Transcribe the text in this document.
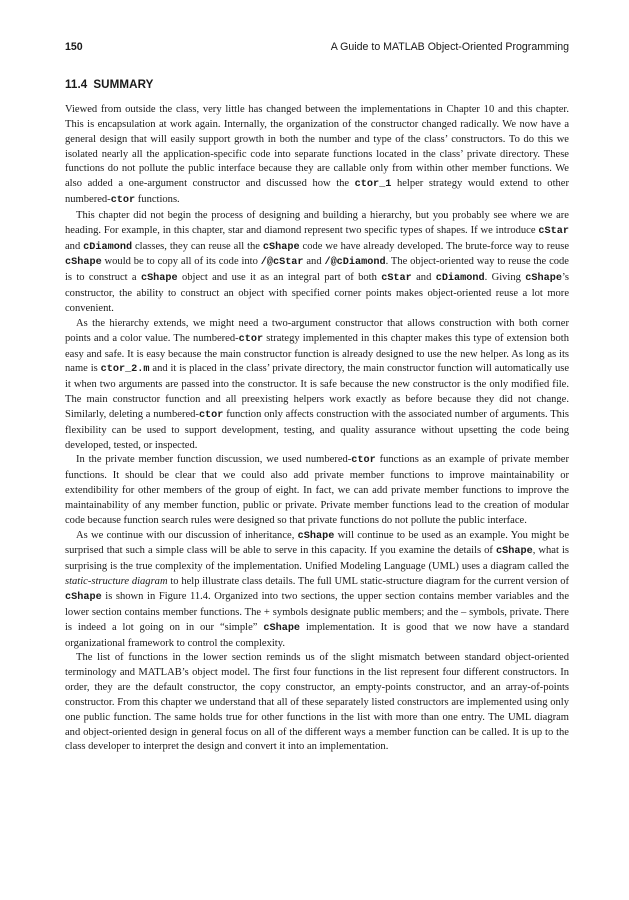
150	A Guide to MATLAB Object-Oriented Programming
11.4 SUMMARY

Viewed from outside the class, very little has changed between the implementations in Chapter 10 and this chapter. This is encapsulation at work again. Internally, the organization of the constructor changed radically. We now have a general design that will easily support growth in both the number and type of the class’ constructors. To do this we isolated nearly all the application-specific code into separate functions located in the class’ private directory. These functions do not pollute the public interface because they are callable only from within other member functions. We also added a one-argument constructor and discussed how the ctor_1 helper strategy would extend to other numbered-ctor functions.

This chapter did not begin the process of designing and building a hierarchy, but you probably see where we are heading. For example, in this chapter, star and diamond represent two specific types of shapes. If we introduce cStar and cDiamond classes, they can reuse all the cShape code we have already developed. The brute-force way to reuse cShape would be to copy all of its code into /@cStar and /@cDiamond. The object-oriented way to reuse the code is to construct a cShape object and use it as an integral part of both cStar and cDiamond. Giving cShape’s constructor, the ability to construct an object with specified corner points makes object-oriented reuse a lot more convenient.

As the hierarchy extends, we might need a two-argument constructor that allows construction with both corner points and a color value. The numbered-ctor strategy implemented in this chapter makes this type of extension both easy and safe. It is easy because the main constructor function is already designed to use the new helper. As long as its name is ctor_2.m and it is placed in the class’ private directory, the main constructor function will automatically use it when two arguments are passed into the constructor. It is safe because the new constructor is the only modified file. The main constructor function and all preexisting helpers work exactly as before because they did not change. Similarly, deleting a numbered-ctor function only affects construction with the associated number of arguments. This flexibility can be used to support development, testing, and quality assurance without upsetting the code being developed, tested, or inspected.

In the private member function discussion, we used numbered-ctor functions as an example of private member functions. It should be clear that we could also add private member functions to improve maintainability or extendibility for other members of the group of eight. In fact, we can add private member functions to improve the maintainability of any member function, public or private. Private member functions lead to the creation of modular code because function search rules were designed so that private functions do not pollute the public interface.

As we continue with our discussion of inheritance, cShape will continue to be used as an example. You might be surprised that such a simple class will be able to serve in this capacity. If you examine the details of cShape, what is surprising is the true complexity of the implementation. Unified Modeling Language (UML) uses a diagram called the static-structure diagram to help illustrate class details. The full UML static-structure diagram for the current version of cShape is shown in Figure 11.4. Organized into two sections, the upper section contains member variables and the lower section contains member functions. The + symbols designate public members; and the – symbols, private. There is indeed a lot going on in our “simple” cShape implementation. It is good that we now have a standard organizational framework to control the complexity.

The list of functions in the lower section reminds us of the slight mismatch between standard object-oriented terminology and MATLAB’s object model. The first four functions in the list represent four different constructors. In order, they are the default constructor, the copy constructor, an empty-points constructor, and an array-of-points constructor. From this chapter we understand that all of these separately listed constructors are implemented using only one public function. The same holds true for other functions in the list with more than one entry. The UML diagram and object-oriented design in general focus on all of the different ways a member function can be called. It is up to the class developer to interpret the design and convert it into an implementation.
